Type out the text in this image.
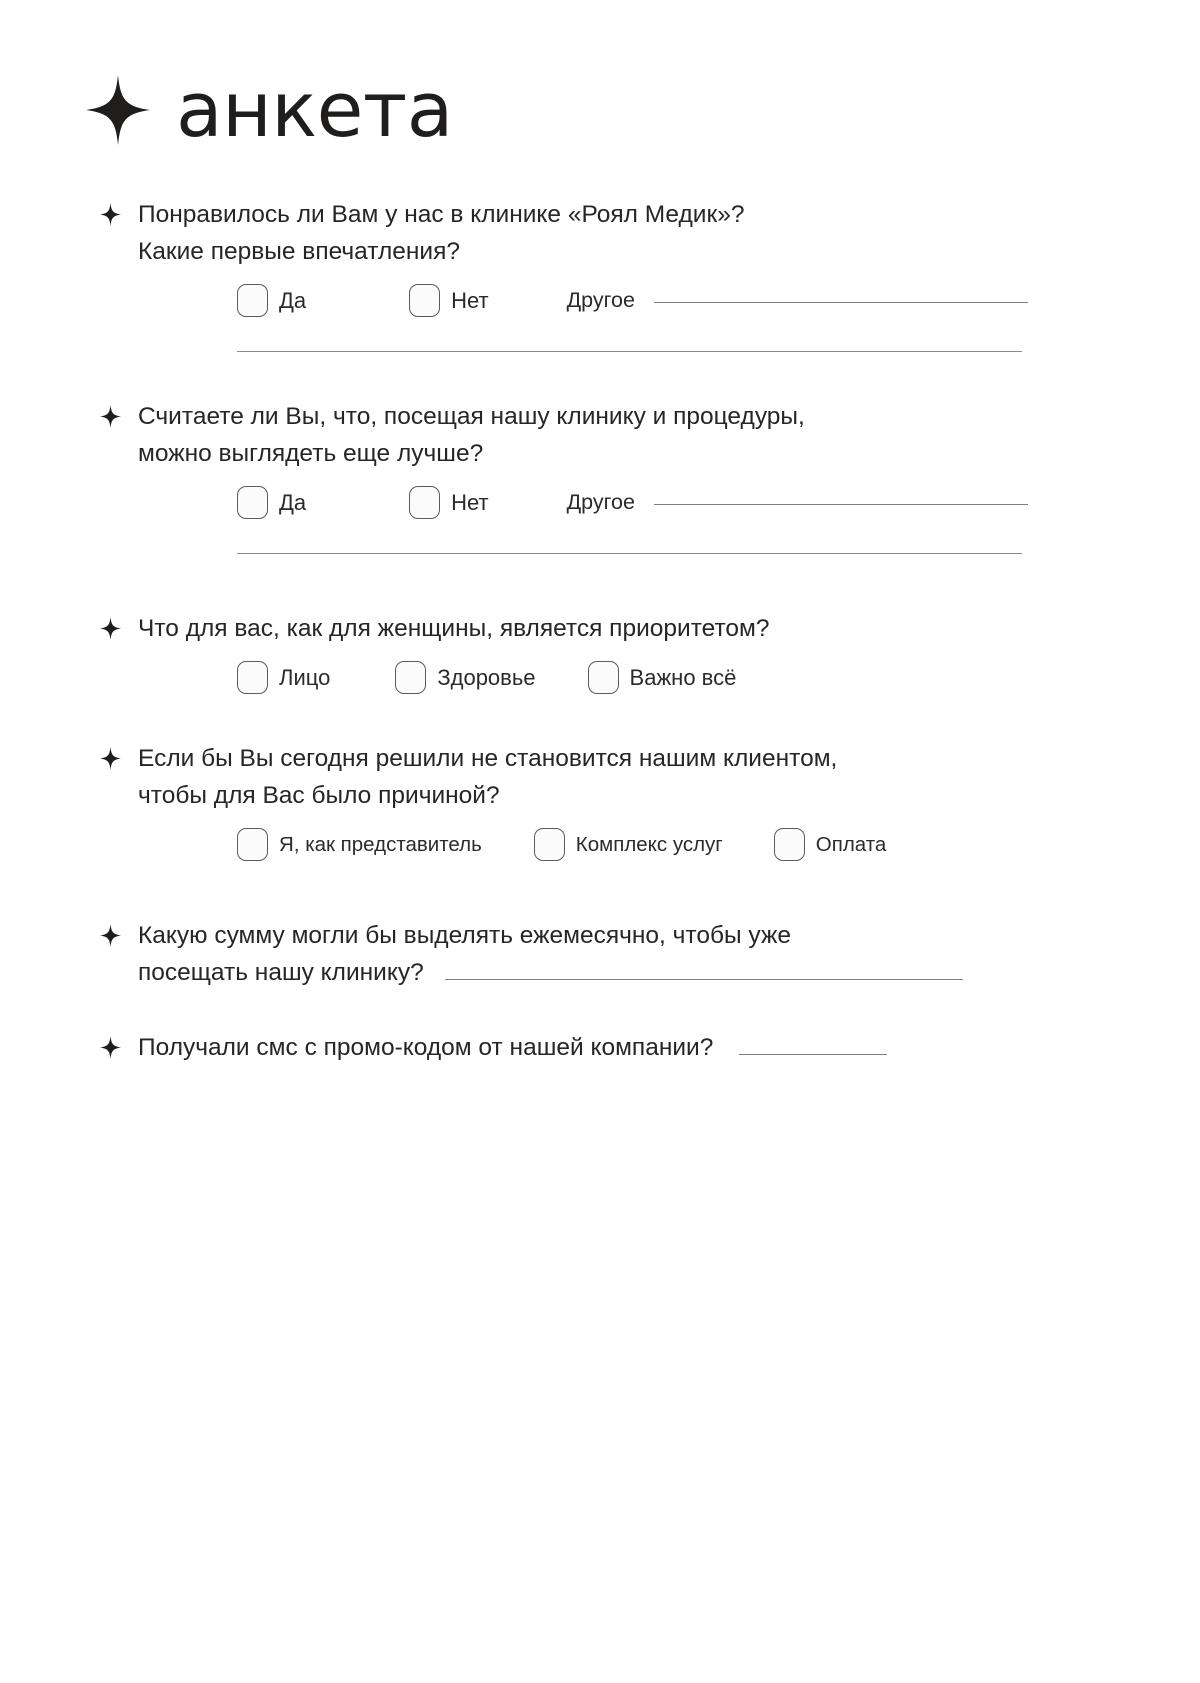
анкета
Понравилось ли Вам у нас в клинике «Роял Медик»?
Какие первые впечатления?
Да	Нет	Другое
Считаете ли Вы, что, посещая нашу клинику и процедуры,
можно выглядеть еще лучше?
Да	Нет	Другое
Что для вас, как для женщины, является приоритетом?
Лицо	Здоровье	Важно всё
Если бы Вы сегодня решили не становится нашим клиентом,
чтобы для Вас было причиной?
Я, как представитель	Комплекс услуг	Оплата
Какую сумму могли бы выделять ежемесячно, чтобы уже
посещать нашу клинику?
Получали смс с промо-кодом от нашей компании?
